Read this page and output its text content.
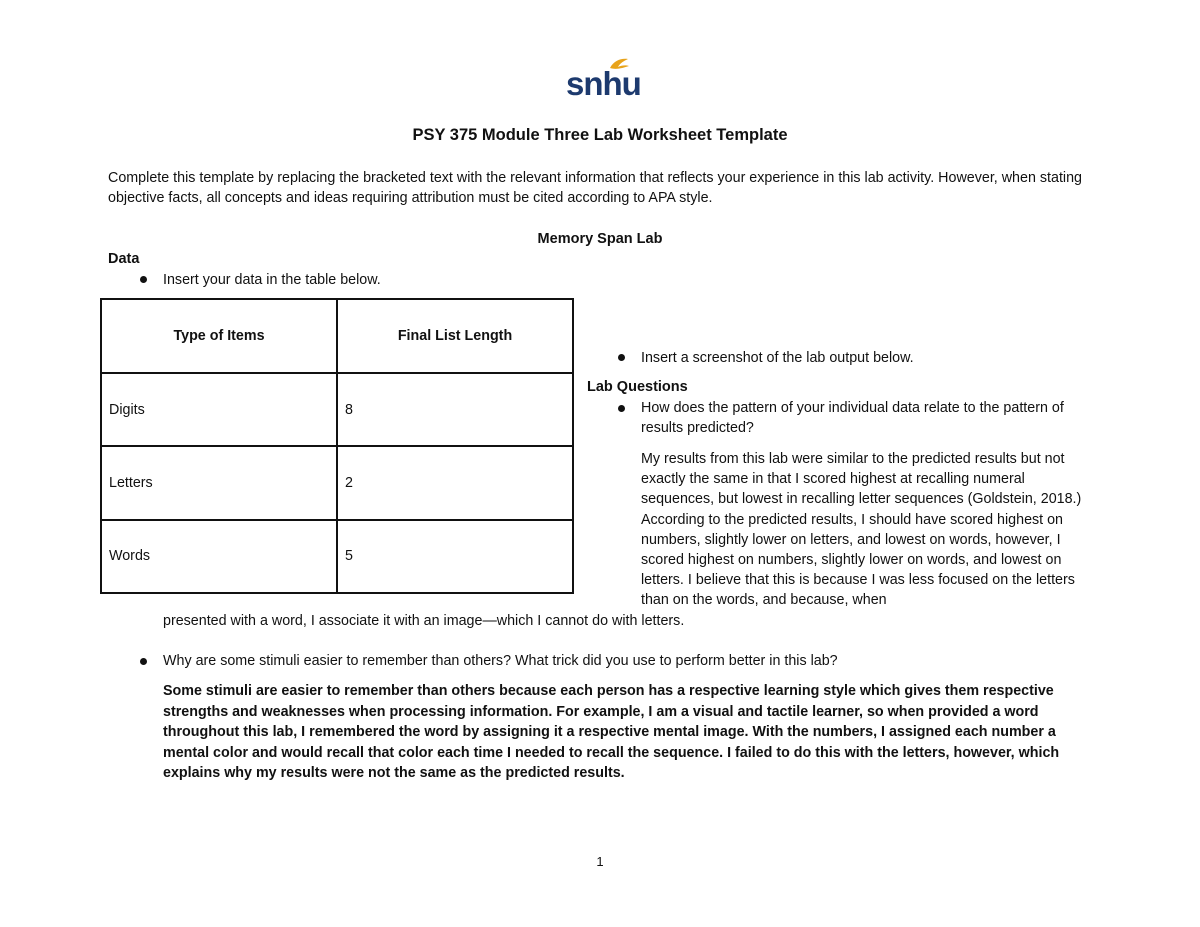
snhu
PSY 375 Module Three Lab Worksheet Template
Complete this template by replacing the bracketed text with the relevant information that reflects your experience in this lab activity. However, when stating objective facts, all concepts and ideas requiring attribution must be cited according to APA style.
Memory Span Lab
Data
Insert your data in the table below.
Type of Items	Final List Length
Digits	8
Letters	2
Words	5
Insert a screenshot of the lab output below.
Lab Questions
How does the pattern of your individual data relate to the pattern of results predicted?
My results from this lab were similar to the predicted results but not exactly the same in that I scored highest at recalling numeral sequences, but lowest in recalling letter sequences (Goldstein, 2018.) According to the predicted results, I should have scored highest on numbers, slightly lower on letters, and lowest on words, however, I scored highest on numbers, slightly lower on words, and lowest on letters. I believe that this is because I was less focused on the letters than on the words, and because, when
presented with a word, I associate it with an image—which I cannot do with letters.
Why are some stimuli easier to remember than others? What trick did you use to perform better in this lab?
Some stimuli are easier to remember than others because each person has a respective learning style which gives them respective strengths and weaknesses when processing information. For example, I am a visual and tactile learner, so when provided a word throughout this lab, I remembered the word by assigning it a respective mental image. With the numbers, I assigned each number a mental color and would recall that color each time I needed to recall the sequence. I failed to do this with the letters, however, which explains why my results were not the same as the predicted results.
1
